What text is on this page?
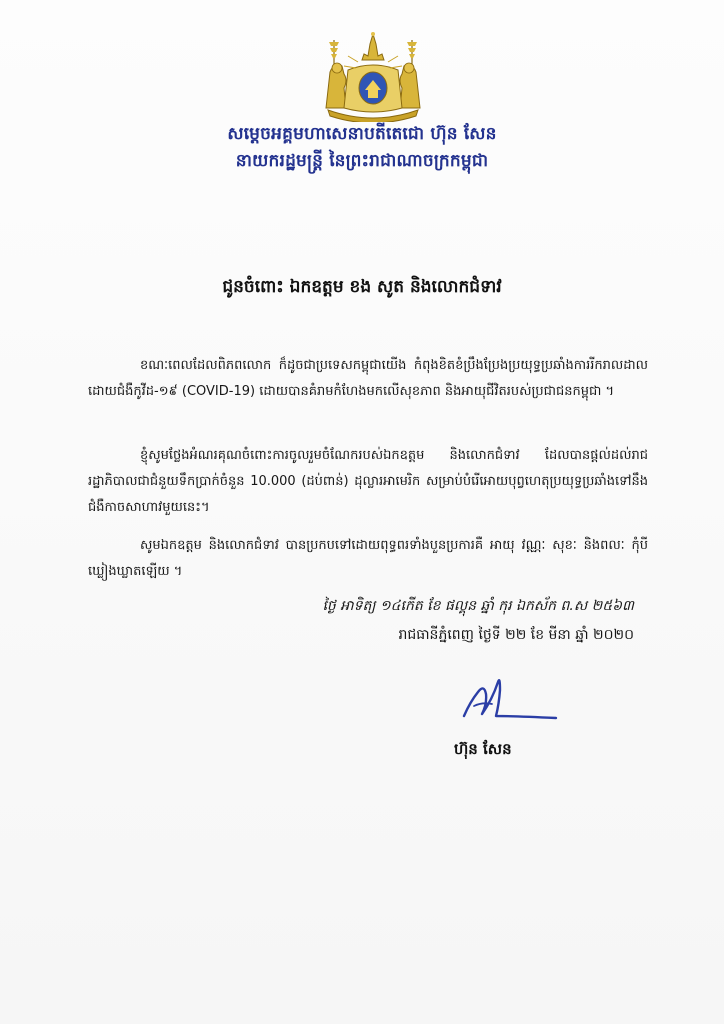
សម្តេចអគ្គមហាសេនាបតីតេជោ ហ៊ុន សែន
នាយករដ្ឋមន្ត្រី នៃព្រះរាជាណាចក្រកម្ពុជា
ជូនចំពោះ ឯកឧត្តម ខង សូត និងលោកជំទាវ

ខណៈពេលដែលពិភពលោក ក៏ដូចជាប្រទេសកម្ពុជាយើង កំពុងខិតខំប្រឹងប្រែងប្រយុទ្ធប្រឆាំងការរីករាលដាលដោយជំងឺកូវីដ-១៩ (COVID-19) ដោយបានគំរាមកំហែងមកលើសុខភាព និងអាយុជីវិតរបស់ប្រជាជនកម្ពុជា ។

ខ្ញុំសូមថ្លែងអំណរគុណចំពោះការចូលរួមចំណែករបស់ឯកឧត្តម និងលោកជំទាវ ដែលបានផ្តល់ដល់រាជរដ្ឋាភិបាលជាជំនួយទឹកប្រាក់ចំនួន 10.000 (ដប់ពាន់) ដុល្លារអាមេរិក សម្រាប់បំរើអោយបុព្វហេតុប្រយុទ្ធប្រឆាំងទៅនឹងជំងឺកាចសាហាវមួយនេះ។

សូមឯកឧត្តម និងលោកជំទាវ បានប្រកបទៅដោយពុទ្ធពរទាំងបួនប្រការគឺ អាយុ វណ្ណៈ សុខៈ និងពលៈ កុំបីឃ្លៀងឃ្លាតឡើយ ។

ថ្ងៃ អាទិត្យ ១៤កើត ខែ ផល្គុន ឆ្នាំ កុរ ឯកស័ក ព.ស ២៥៦៣
រាជធានីភ្នំពេញ ថ្ងៃទី ២២ ខែ មីនា ឆ្នាំ ២០២០
ហ៊ុន សែន
